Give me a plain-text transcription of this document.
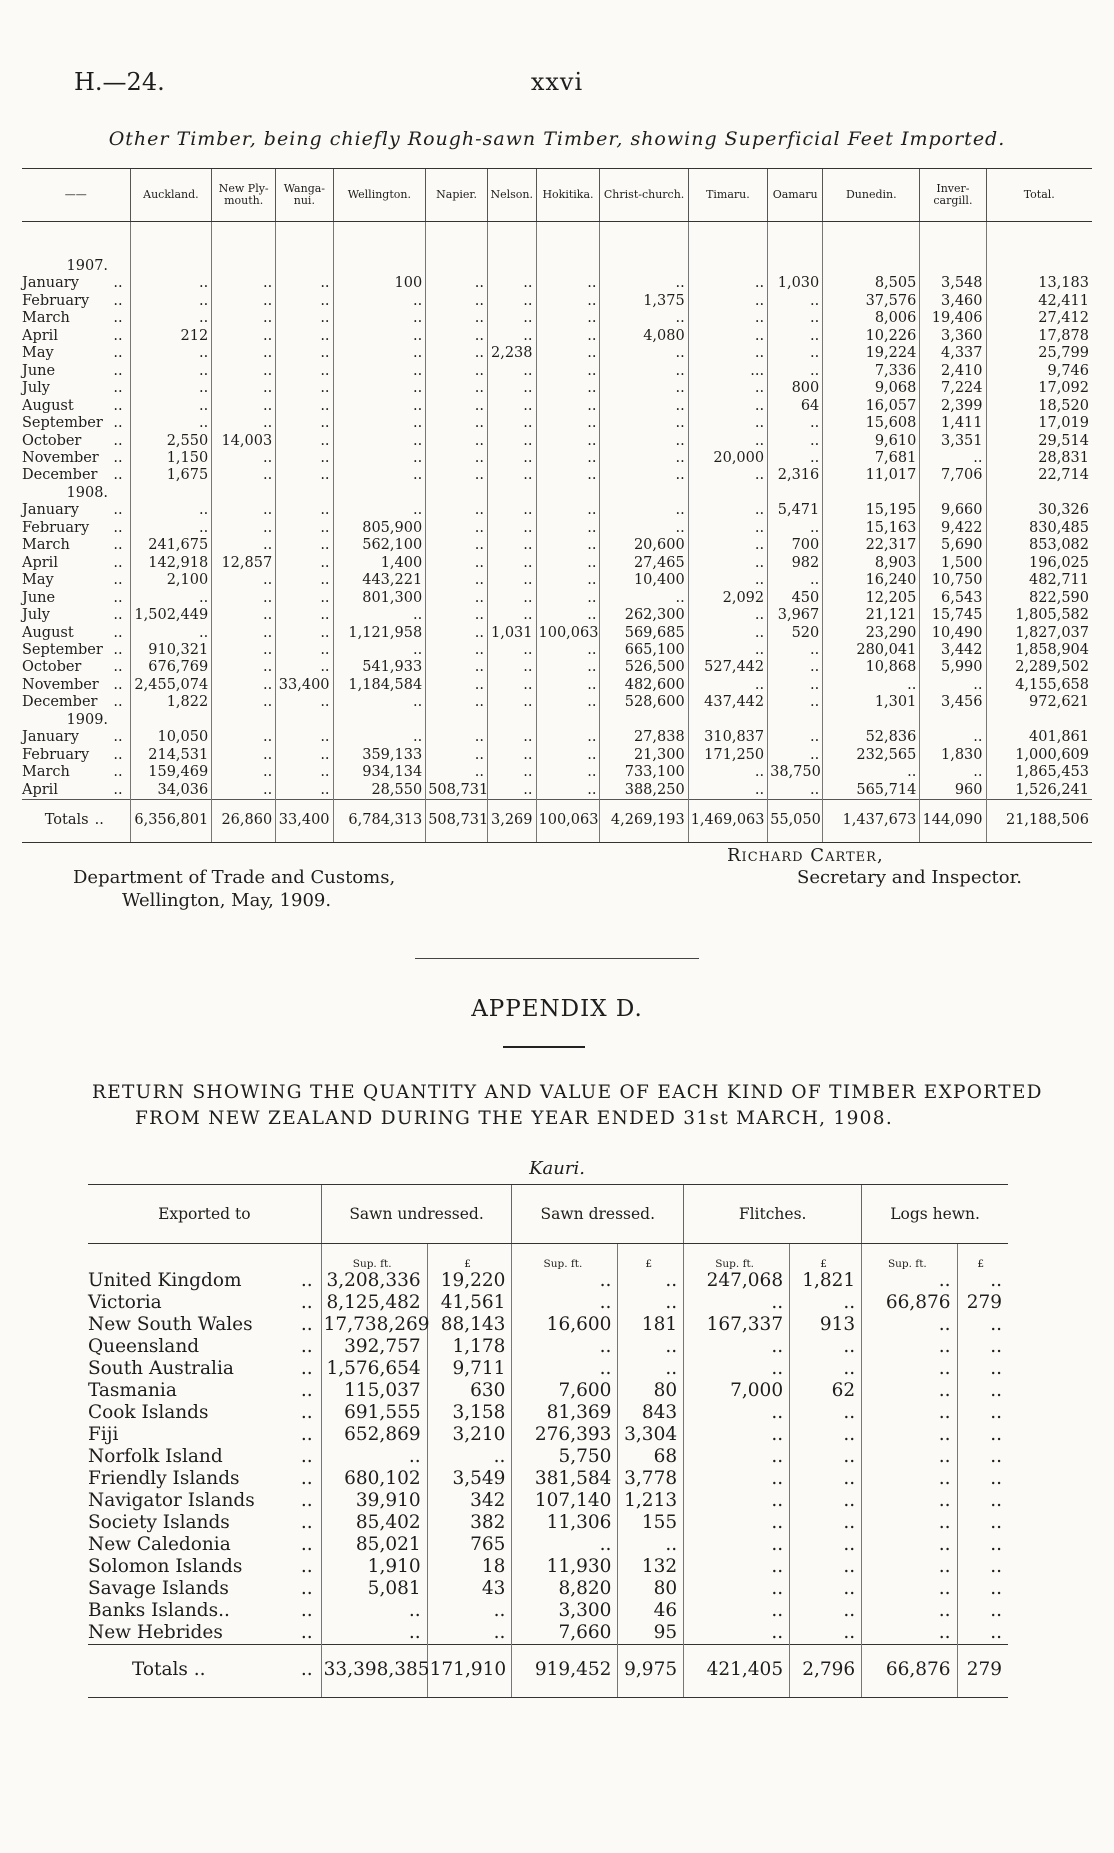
H.—24.	xxvi
Other Timber, being chiefly Rough-sawn Timber, showing Superficial Feet Imported.
——	Auckland.	New Ply-mouth.	Wanga-nui.	Wellington.	Napier.	Nelson.	Hokitika.	Christ-church.	Timaru.	Oamaru	Dunedin.	Inver-cargill.	Total.
1907.													
January ..	..	..	..	100	..	..	..	..	..	1,030	8,505	3,548	13,183
February ..	..	..	..	..	..	..	..	1,375	..	..	37,576	3,460	42,411
March ..	..	..	..	..	..	..	..	..	..	..	8,006	19,406	27,412
April ..	212	..	..	..	..	..	..	4,080	..	..	10,226	3,360	17,878
May ..	..	..	..	..	..	2,238	..	..	..	..	19,224	4,337	25,799
June ..	..	..	..	..	..	..	..	..	...	..	7,336	2,410	9,746
July ..	..	..	..	..	..	..	..	..	..	800	9,068	7,224	17,092
August ..	..	..	..	..	..	..	..	..	..	64	16,057	2,399	18,520
September ..	..	..	..	..	..	..	..	..	..	..	15,608	1,411	17,019
October ..	2,550	14,003	..	..	..	..	..	..	..	..	9,610	3,351	29,514
November ..	1,150	..	..	..	..	..	..	..	20,000	..	7,681	..	28,831
December ..	1,675	..	..	..	..	..	..	..	..	2,316	11,017	7,706	22,714
1908.													
January ..	..	..	..	..	..	..	..	..	..	5,471	15,195	9,660	30,326
February ..	..	..	..	805,900	..	..	..	..	..	..	15,163	9,422	830,485
March ..	241,675	..	..	562,100	..	..	..	20,600	..	700	22,317	5,690	853,082
April ..	142,918	12,857	..	1,400	..	..	..	27,465	..	982	8,903	1,500	196,025
May ..	2,100	..	..	443,221	..	..	..	10,400	..	..	16,240	10,750	482,711
June ..	..	..	..	801,300	..	..	..	..	2,092	450	12,205	6,543	822,590
July ..	1,502,449	..	..	..	..	..	..	262,300	..	3,967	21,121	15,745	1,805,582
August ..	..	..	..	1,121,958	..	1,031	100,063	569,685	..	520	23,290	10,490	1,827,037
September ..	910,321	..	..	..	..	..	..	665,100	..	..	280,041	3,442	1,858,904
October ..	676,769	..	..	541,933	..	..	..	526,500	527,442	..	10,868	5,990	2,289,502
November ..	2,455,074	..	33,400	1,184,584	..	..	..	482,600	..	..	..	..	4,155,658
December ..	1,822	..	..	..	..	..	..	528,600	437,442	..	1,301	3,456	972,621
1909.													
January ..	10,050	..	..	..	..	..	..	27,838	310,837	..	52,836	..	401,861
February ..	214,531	..	..	359,133	..	..	..	21,300	171,250	..	232,565	1,830	1,000,609
March ..	159,469	..	..	934,134	..	..	..	733,100	..	38,750	..	..	1,865,453
April ..	34,036	..	..	28,550	508,731	..	..	388,250	..	..	565,714	960	1,526,241
Totals ..	6,356,801	26,860	33,400	6,784,313	508,731	3,269	100,063	4,269,193	1,469,063	55,050	1,437,673	144,090	21,188,506
Richard Carter,
Department of Trade and Customs,	Secretary and Inspector.
Wellington, May, 1909.
APPENDIX D.
RETURN SHOWING THE QUANTITY AND VALUE OF EACH KIND OF TIMBER EXPORTED FROM NEW ZEALAND DURING THE YEAR ENDED 31st MARCH, 1908.
Kauri.
Exported to		Sawn undressed.		Sawn dressed.		Flitches.		Logs hewn.	
		Sup. ft.	£	Sup. ft.	£	Sup. ft.	£	Sup. ft.	£
United Kingdom	..	3,208,336	19,220	..	..	247,068	1,821	..	..
Victoria	..	8,125,482	41,561	..	..	..	..	66,876	279
New South Wales	..	17,738,269	88,143	16,600	181	167,337	913	..	..
Queensland	..	392,757	1,178	..	..	..	..	..	..
South Australia	..	1,576,654	9,711	..	..	..	..	..	..
Tasmania	..	115,037	630	7,600	80	7,000	62	..	..
Cook Islands	..	691,555	3,158	81,369	843	..	..	..	..
Fiji	..	652,869	3,210	276,393	3,304	..	..	..	..
Norfolk Island	..	..	..	5,750	68	..	..	..	..
Friendly Islands	..	680,102	3,549	381,584	3,778	..	..	..	..
Navigator Islands	..	39,910	342	107,140	1,213	..	..	..	..
Society Islands	..	85,402	382	11,306	155	..	..	..	..
New Caledonia	..	85,021	765	..	..	..	..	..	..
Solomon Islands	..	1,910	18	11,930	132	..	..	..	..
Savage Islands	..	5,081	43	8,820	80	..	..	..	..
Banks Islands..	..	..	..	3,300	46	..	..	..	..
New Hebrides	..	..	..	7,660	95	..	..	..	..
Totals ..	..	33,398,385	171,910	919,452	9,975	421,405	2,796	66,876	279
